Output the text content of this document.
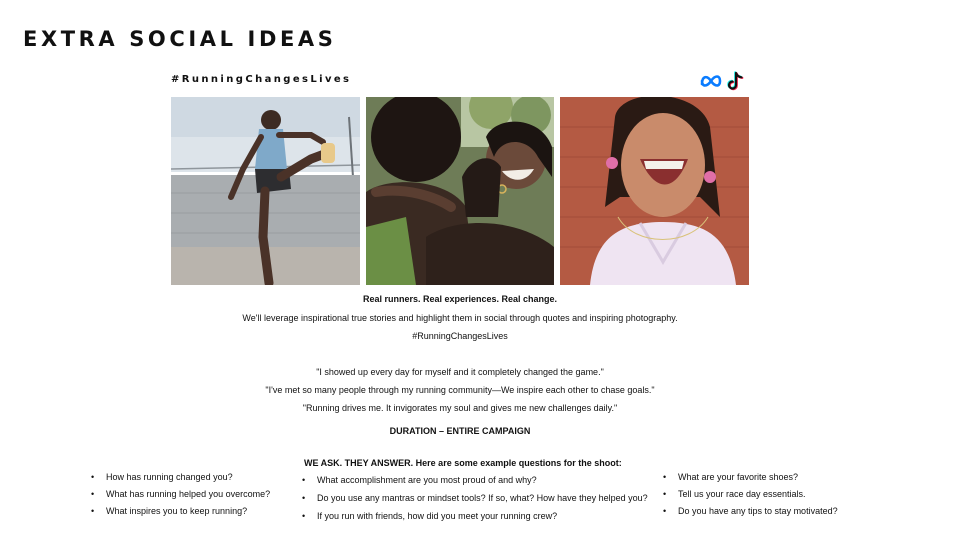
EXTRA SOCIAL IDEAS
#RunningChangesLives
Real runners. Real experiences. Real change.
We'll leverage inspirational true stories and highlight them in social through quotes and inspiring photography.
#RunningChangesLives
"I showed up every day for myself and it completely changed the game."
"I've met so many people through my running community—We inspire each other to chase goals."
"Running drives me. It invigorates my soul and gives me new challenges daily."
DURATION – ENTIRE CAMPAIGN
WE ASK. THEY ANSWER. Here are some example questions for the shoot:
• How has running changed you?
• What has running helped you overcome?
• What inspires you to keep running?
• What accomplishment are you most proud of and why?
• Do you use any mantras or mindset tools? If so, what? How have they helped you?
• If you run with friends, how did you meet your running crew?
• What are your favorite shoes?
• Tell us your race day essentials.
• Do you have any tips to stay motivated?
